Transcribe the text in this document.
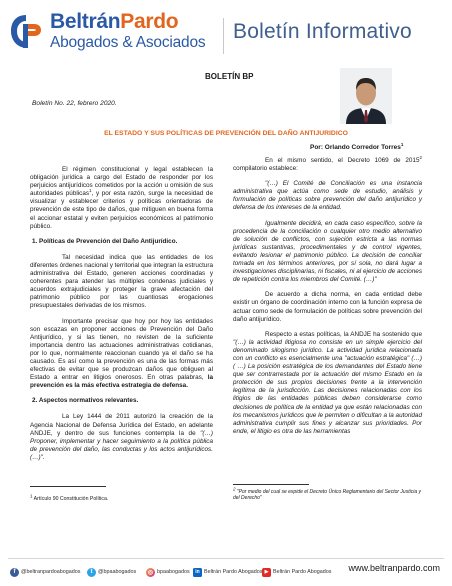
BeltránPardo
Abogados & Asociados Boletín Informativo
BOLETÍN BP
Boletín No. 22, febrero 2020.
EL ESTADO Y SUS POLÍTICAS DE PREVENCIÓN DEL DAÑO ANTIJURIDICO
Por: Orlando Corredor Torres$^1$

El régimen constitucional y legal establecen la obligación jurídica a cargo del Estado de responder por los perjuicios antijurídicos cometidos por la acción u omisión de sus autoridades públicas$^1$, y por esta razón, surge la necesidad de visualizar y establecer criterios y políticas orientadoras de prevención de este tipo de daños, que mitiguen en buena forma el accionar estatal y eviten perjuicios económicos al patrimonio público.

1. Políticas de Prevención del Daño Antijurídico.

Tal necesidad indica que las entidades de los diferentes órdenes nacional y territorial que integran la estructura administrativa del Estado, generen acciones coordinadas y coherentes para atender las múltiples condenas judiciales y acuerdos extrajudiciales y proteger la grave afectación del patrimonio público por las cuantiosas erogaciones presupuestales derivadas de los mismos.

Importante precisar que hoy por hoy las entidades son escazas en proponer acciones de Prevención del Daño Antijurídico, y si las tienen, no revisten de la suficiente importancia dentro las actuaciones administrativas cotidianas, por lo que, normalmente reaccionan cuando ya el daño se ha causado. Es así como la prevención es una de las formas más efectivas de evitar que se produzcan daños que obliguen al Estado a entrar en litigios onerosos. En otras palabras, la prevención es la más efectiva estrategia de defensa.

2. Aspectos normativos relevantes.

La Ley 1444 de 2011 autorizó la creación de la Agencia Nacional de Defensa Jurídica del Estado, en adelante ANDJE, y dentro de sus funciones contempla la de "(…) Proponer, implementar y hacer seguimiento a la política pública de prevención del daño, las conductas y los actos antijurídicos. (…)".

En el mismo sentido, el Decreto 1069 de 2015$^2$ compilatorio establece:

"(…) El Comité de Conciliación es una instancia administrativa que actúa como sede de estudio, análisis y formulación de políticas sobre prevención del daño antijurídico y defensa de los intereses de la entidad.

Igualmente decidirá, en cada caso específico, sobre la procedencia de la conciliación o cualquier otro medio alternativo de solución de conflictos, con sujeción estricta a las normas jurídicas sustantivas, procedimentales y de control vigentes, evitando lesionar el patrimonio público. La decisión de conciliar tomada en los términos anteriores, por sí sola, no dará lugar a investigaciones disciplinarias, ni fiscales, ni al ejercicio de acciones de repetición contra los miembros del Comité. (…)"

De acuerdo a dicha norma, en cada entidad debe existir un órgano de coordinación interno con la función expresa de actuar como sede de formulación de políticas sobre prevención del daño antijurídico.

Respecto a estas políticas, la ANDJE ha sostenido que "(…) la actividad litigiosa no consiste en un simple ejercicio del denominado silogismo jurídico. La actividad jurídica relacionada con un conflicto es esencialmente una "actuación estratégica" (…) ( …) La posición estratégica de los demandantes del Estado tiene que ser contrarrestada por la actuación del mismo Estado en la protección de sus propios decisiones frente a la intervención legítima de la jurisdicción. Las decisiones relacionadas con los litigios de las entidades públicas deben considerarse como decisiones de política de la entidad ya que están relacionadas con los mecanismos jurídicos que le permiten o dificultan a la autoridad administrativa cumplir sus fines y alcanzar sus prioridades. Por ende, el litigio es otra de las herramientas

$^1$ Artículo 90 Constitución Política.
$^2$ "Por medio del cual se expide el Decreto Único Reglamentario del Sector Justicia y del Derecho"
f	@beltranpardoabogados	t	@bpaabogados	◎ bpaabogados	in Beltrán Pardo Abogados ▶ Beltrán Pardo Abogados www.beltranpardo.com
